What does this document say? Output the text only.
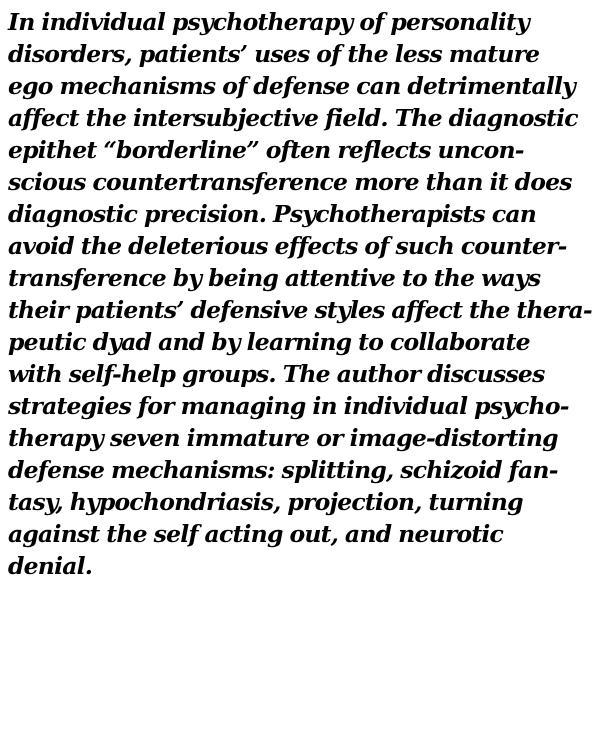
In individual psychotherapy of personality
disorders, patients’ uses of the less mature
ego mechanisms of defense can detrimentally
affect the intersubjective field. The diagnostic
epithet “borderline” often reflects uncon-
scious countertransference more than it does
diagnostic precision. Psychotherapists can
avoid the deleterious effects of such counter-
transference by being attentive to the ways
their patients’ defensive styles affect the thera-
peutic dyad and by learning to collaborate
with self-help groups. The author discusses
strategies for managing in individual psycho-
therapy seven immature or image-distorting
defense mechanisms: splitting, schizoid fan-
tasy, hypochondriasis, projection, turning
against the self acting out, and neurotic
denial.
